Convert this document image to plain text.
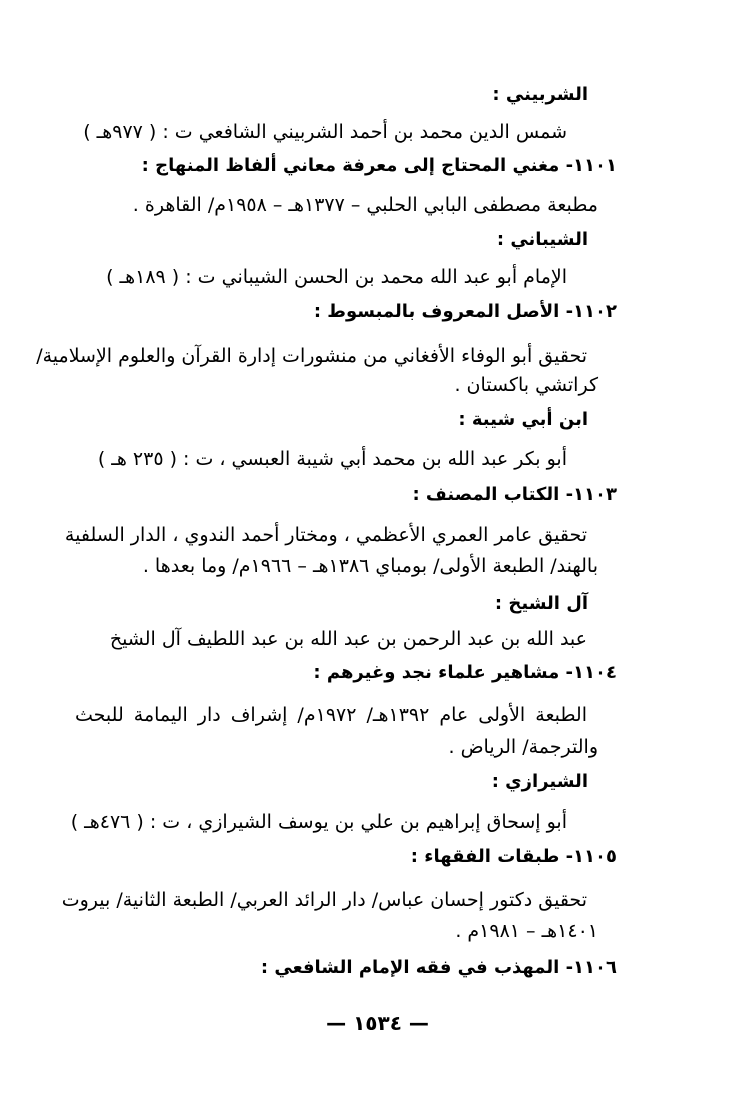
الشربيني :
شمس الدين محمد بن أحمد الشربيني الشافعي ت : ( ٩٧٧هـ )
١١٠١- مغني المحتاج إلى معرفة معاني ألفاظ المنهاج :
مطبعة مصطفى البابي الحلبي – ١٣٧٧هـ – ١٩٥٨م/ القاهرة .
الشيباني :
الإمام أبو عبد الله محمد بن الحسن الشيباني ت : ( ١٨٩هـ )
١١٠٢- الأصل المعروف بالمبسوط :
تحقيق أبو الوفاء الأفغاني من منشورات إدارة القرآن والعلوم الإسلامية/
كراتشي باكستان .
ابن أبي شيبة :
أبو بكر عبد الله بن محمد أبي شيبة العبسي ، ت : ( ٢٣٥ هـ )
١١٠٣- الكتاب المصنف :
تحقيق عامر العمري الأعظمي ، ومختار أحمد الندوي ، الدار السلفية
بالهند/ الطبعة الأولى/ بومباي ١٣٨٦هـ – ١٩٦٦م/ وما بعدها .
آل الشيخ :
عبد الله بن عبد الرحمن بن عبد الله بن عبد اللطيف آل الشيخ
١١٠٤- مشاهير علماء نجد وغيرهم :
الطبعة الأولى عام ١٣٩٢هـ/ ١٩٧٢م/ إشراف دار اليمامة للبحث
والترجمة/ الرياض .
الشيرازي :
أبو إسحاق إبراهيم بن علي بن يوسف الشيرازي ، ت : ( ٤٧٦هـ )
١١٠٥- طبقات الفقهاء :
تحقيق دكتور إحسان عباس/ دار الرائد العربي/ الطبعة الثانية/ بيروت
١٤٠١هـ – ١٩٨١م .
١١٠٦- المهذب في فقه الإمام الشافعي :
— ١٥٣٤ —
